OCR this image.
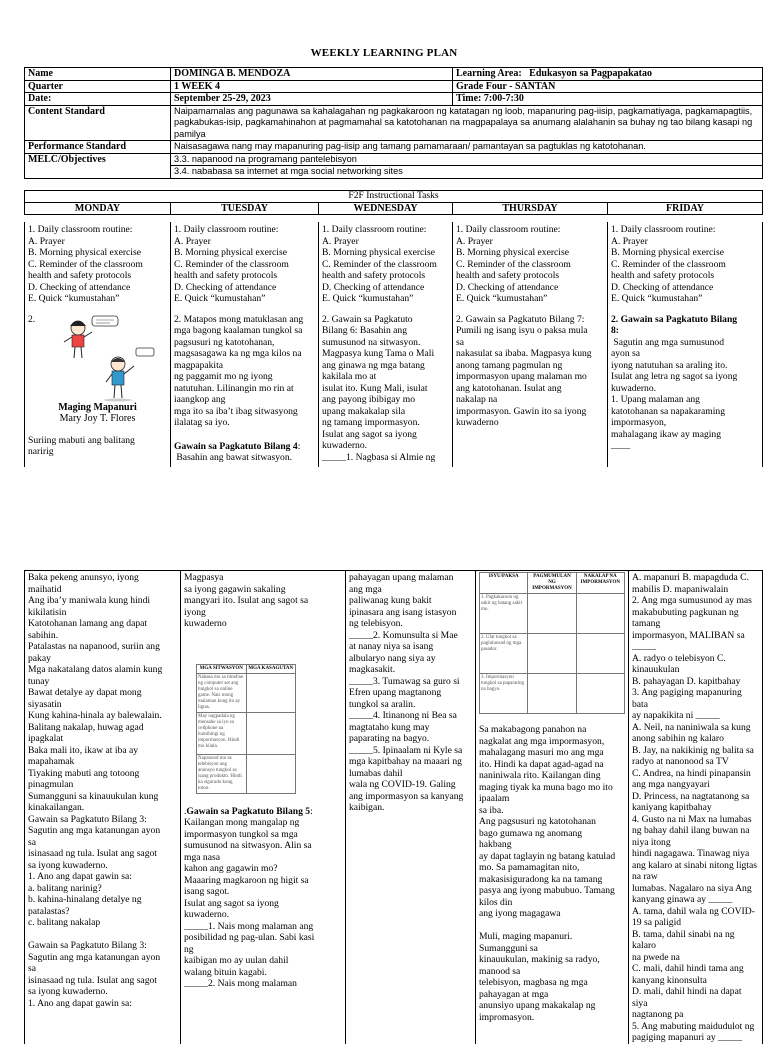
WEEKLY LEARNING PLAN
Name	DOMINGA B. MENDOZA	Learning Area: Edukasyon sa Pagpapakatao
Quarter	1 WEEK 4	Grade Four - SANTAN
Date:	September 25-29, 2023	Time: 7:00-7:30
Content Standard	Naipamamalas ang pagunawa sa kahalagahan ng pagkakaroon ng katatagan ng loob, mapanuring pag-iisip, pagkamatiyaga, pagkamapagtiis, pagkabukas-isip, pagkamahinahon at pagmamahal sa katotohanan na magpapalaya sa anumang alalahanin sa buhay ng tao bilang kasapi ng pamilya	
Performance Standard	Naisasagawa nang may mapanuring pag-iisip ang tamang pamamaraan/ pamantayan sa pagtuklas ng katotohanan.	
MELC/Objectives	3.3. napanood na programang pantelebisyon	
	3.4. nababasa sa internet at mga social networking sites	
F2F Instructional Tasks
MONDAY	TUESDAY	WEDNESDAY	THURSDAY	FRIDAY
1. Daily classroom routine:
A. Prayer
B. Morning physical exercise
C. Reminder of the classroom
health and safety protocols
D. Checking of attendance
E. Quick “kumustahan”
2.
Maging Mapanuri
Mary Joy T. Flores
Suriing mabuti ang balitang
naririg

1. Daily classroom routine:
A. Prayer
B. Morning physical exercise
C. Reminder of the classroom
health and safety protocols
D. Checking of attendance
E. Quick “kumustahan”
2. Matapos mong matuklasan ang
mga bagong kaalaman tungkol sa
pagsusuri ng katotohanan,
magsasagawa ka ng mga kilos na
magpapakita
ng paggamit mo ng iyong
natutuhan. Lilinangin mo rin at
iaangkop ang
mga ito sa iba’t ibag sitwasyong
ilalatag sa iyo.
Gawain sa Pagkatuto Bilang 4:
Basahin ang bawat sitwasyon.

1. Daily classroom routine:
A. Prayer
B. Morning physical exercise
C. Reminder of the classroom
health and safety protocols
D. Checking of attendance
E. Quick “kumustahan”
2. Gawain sa Pagkatuto
Bilang 6: Basahin ang
sumusunod na sitwasyon.
Magpasya kung Tama o Mali
ang ginawa ng mga batang
kakilala mo at
isulat ito. Kung Mali, isulat
ang payong ibibigay mo
upang makakalap sila
ng tamang impormasyon.
Isulat ang sagot sa iyong
kuwaderno.
_____1. Nagbasa si Almie ng

1. Daily classroom routine:
A. Prayer
B. Morning physical exercise
C. Reminder of the classroom
health and safety protocols
D. Checking of attendance
E. Quick “kumustahan”
2. Gawain sa Pagkatuto Bilang 7:
Pumili ng isang isyu o paksa mula
sa
nakasulat sa ibaba. Magpasya kung
anong tamang pagmulan ng
impormasyon upang malaman mo
ang katotohanan. Isulat ang
nakalap na
impormasyon. Gawin ito sa iyong
kuwaderno

1. Daily classroom routine:
A. Prayer
B. Morning physical exercise
C. Reminder of the classroom
health and safety protocols
D. Checking of attendance
E. Quick “kumustahan”
2. Gawain sa Pagkatuto Bilang
8:
Sagutin ang mga sumusunod
ayon sa
iyong natutuhan sa araling ito.
Isulat ang letra ng sagot sa iyong
kuwaderno.
1. Upang malaman ang
katotohanan sa napakaraming
impormasyon,
mahalagang ikaw ay maging
____
Baka pekeng anunsyo, iyong
maihatid
Ang iba’y maniwala kung hindi
kikilatisin
Katotohanan lamang ang dapat
sabihin.
Patalastas na napanood, suriin ang
pakay
Mga nakatalang datos alamin kung
tunay
Bawat detalye ay dapat mong
siyasatin
Kung kahina-hinala ay balewalain.
Balitang nakalap, huwag agad
ipagkalat
Baka mali ito, ikaw at iba ay
mapahamak
Tiyaking mabuti ang totoong
pinagmulan
Sumangguni sa kinauukulan kung
kinakailangan.
Gawain sa Pagkatuto Bilang 3:
Sagutin ang mga katanungan ayon
sa
isinasaad ng tula. Isulat ang sagot
sa iyong kuwaderno.
1. Ano ang dapat gawin sa:
a. balitang narinig?
b. kahina-hinalang detalye ng
patalastas?
c. balitang nakalap
Gawain sa Pagkatuto Bilang 3:
Sagutin ang mga katanungan ayon
sa
isinasaad ng tula. Isulat ang sagot
sa iyong kuwaderno.
1. Ano ang dapat gawin sa:

Magpasya
sa iyong gagawin sakaling
mangyari ito. Isulat ang sagot sa
iyong
kuwaderno
MGA SITWASYON	MGA KASAGUTAN
Nabasa mo sa timeline ng computer set ang tungkol sa online game. Nais mong malaman kung ito ay ligtas.	
May nagpadala ng mensahe sa iyo sa cellphone na humihingi ng impormasyon. Hindi mo kilala.	
Napanood mo sa telebisyon ang anunsyo tungkol sa isang produkto. Hindi ka sigurado kung totoo.	
.Gawain sa Pagkatuto Bilang 5:
Kailangan mong mangalap ng
impormasyon tungkol sa mga
sumusunod na sitwasyon. Alin sa
mga nasa
kahon ang gagawin mo?
Maaaring magkaroon ng higit sa
isang sagot.
Isulat ang sagot sa iyong
kuwaderno.
_____1. Nais mong malaman ang
posibilidad ng pag-ulan. Sabi kasi
ng
kaibigan mo ay uulan dahil
walang bituin kagabi.
_____2. Nais mong malaman

pahayagan upang malaman
ang mga
paliwanag kung bakit
ipinasara ang isang istasyon
ng telebisyon.
_____2. Komunsulta si Mae
at nanay niya sa isang
albularyo nang siya ay
magkasakit.
_____3. Tumawag sa guro si
Efren upang magtanong
tungkol sa aralin.
_____4. Itinanong ni Bea sa
magtataho kung may
paparating na bagyo.
_____5. Ipinaalam ni Kyle sa
mga kapitbahay na maaari ng
lumabas dahil
wala ng COVID-19. Galing
ang impormasyon sa kanyang
kaibigan.

ISYU/PAKSA	PAGMUMULAN NG IMPORMASYON	NAKALAP NA IMPORMASYON
1. Pagkakaroon ng sakit ng batang sakit mo.		
2. Ulat tungkol sa paglulunsad ng mga pasador.		
3. Impormasyon tungkol sa paparating na bagyo.		
Sa makabagong panahon na
nagkalat ang mga impormasyon,
mahalagang masuri mo ang mga
ito. Hindi ka dapat agad-agad na
naniniwala rito. Kailangan ding
maging tiyak ka muna bago mo ito
ipaalam
sa iba.
Ang pagsusuri ng katotohanan
bago gumawa ng anomang
hakbang
ay dapat taglayin ng batang katulad
mo. Sa pamamagitan nito,
makasisiguradong ka na tamang
pasya ang iyong mabubuo. Tamang
kilos din
ang iyong magagawa
Muli, maging mapanuri.
Sumangguni sa
kinauukulan, makinig sa radyo,
manood sa
telebisyon, magbasa ng mga
pahayagan at mga
anunsiyo upang makakalap ng
impromasyon.

A. mapanuri B. mapagduda C.
mabilis D. mapaniwalain
2. Ang mga sumusunod ay mas
makabubuting pagkunan ng
tamang
impormasyon, MALIBAN sa
_____
A. radyo o telebisyon C.
kinauukulan
B. pahayagan D. kapitbahay
3. Ang pagiging mapanuring bata
ay napakikita ni _____
A. Neil, na naniniwala sa kung
anong sabihin ng kalaro
B. Jay, na nakikinig ng balita sa
radyo at nanonood sa TV
C. Andrea, na hindi pinapansin
ang mga nangyayari
D. Princess, na nagtatanong sa
kaniyang kapitbahay
4. Gusto na ni Max na lumabas
ng bahay dahil ilang buwan na
niya itong
hindi nagagawa. Tinawag niya
ang kalaro at sinabi nitong ligtas
na raw
lumabas. Nagalaro na siya Ang
kanyang ginawa ay _____
A. tama, dahil wala ng COVID-
19 sa paligid
B. tama, dahil sinabi na ng kalaro
na pwede na
C. mali, dahil hindi tama ang
kanyang kinonsulta
D. mali, dahil hindi na dapat siya
nagtanong pa
5. Ang mabuting maidudulot ng
pagiging mapanuri ay _____
